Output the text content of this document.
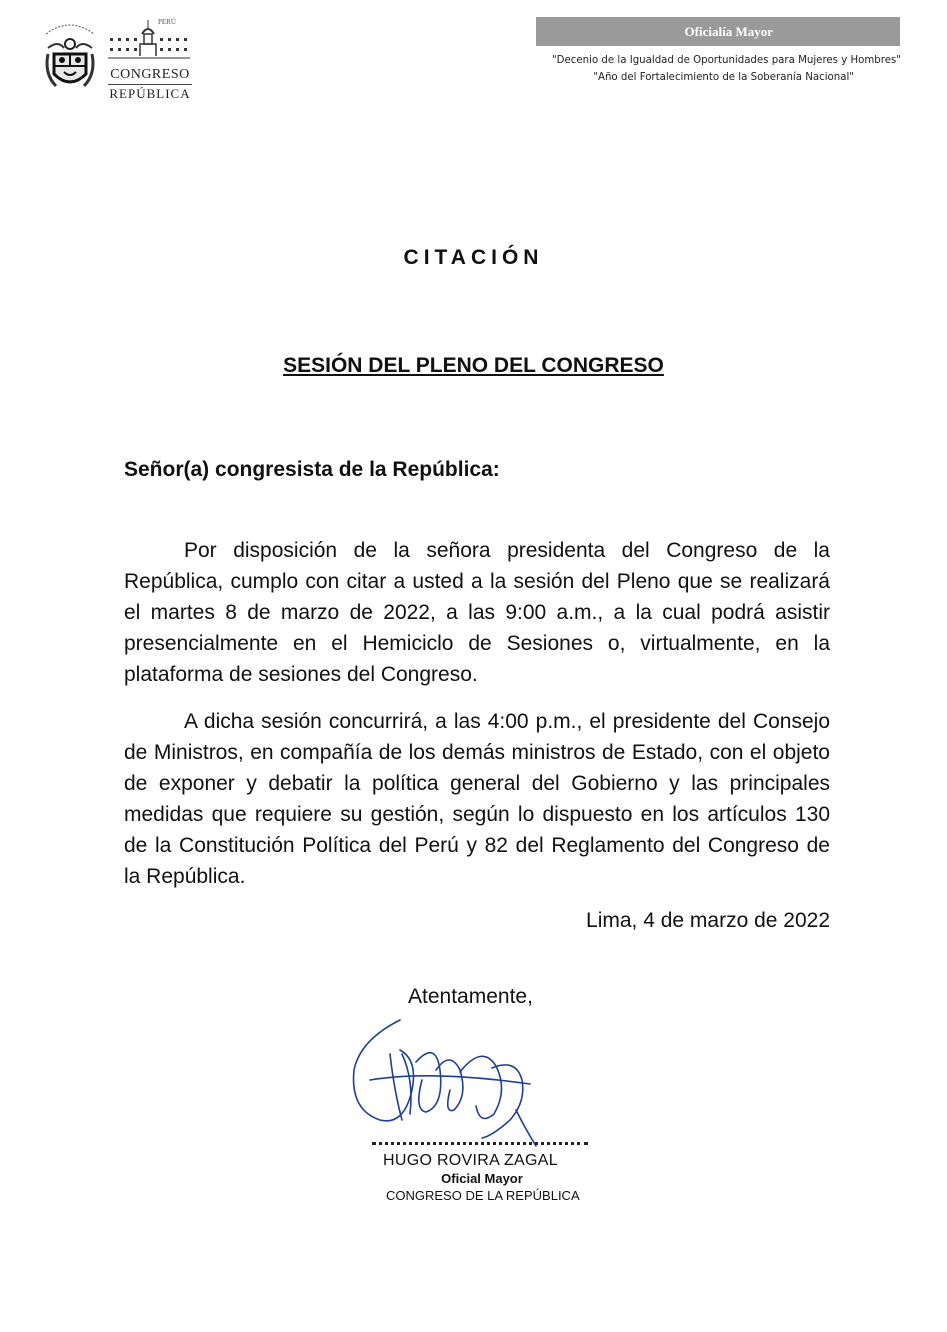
PERÚ
CONGRESO
REPÚBLICA
Oficialía Mayor
"Decenio de la Igualdad de Oportunidades para Mujeres y Hombres"
"Año del Fortalecimiento de la Soberanía Nacional"
CITACIÓN
SESIÓN DEL PLENO DEL CONGRESO
Señor(a) congresista de la República:

Por disposición de la señora presidenta del Congreso de la República, cumplo con citar a usted a la sesión del Pleno que se realizará el martes 8 de marzo de 2022, a las 9:00 a.m., a la cual podrá asistir presencialmente en el Hemiciclo de Sesiones o, virtualmente, en la plataforma de sesiones del Congreso.

A dicha sesión concurrirá, a las 4:00 p.m., el presidente del Consejo de Ministros, en compañía de los demás ministros de Estado, con el objeto de exponer y debatir la política general del Gobierno y las principales medidas que requiere su gestión, según lo dispuesto en los artículos 130 de la Constitución Política del Perú y 82 del Reglamento del Congreso de la República.

Lima, 4 de marzo de 2022
Atentamente,
HUGO ROVIRA ZAGAL
Oficial Mayor
CONGRESO DE LA REPÚBLICA
